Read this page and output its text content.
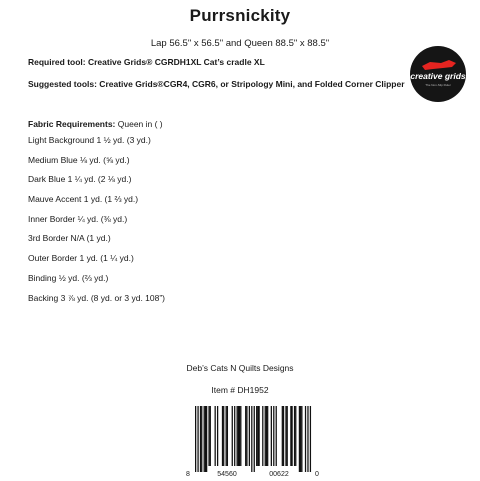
Purrsnickity
Lap 56.5" x 56.5" and Queen 88.5" x 88.5"
Required tool: Creative Grids® CGRDH1XL Cat’s cradle XL
Suggested tools: Creative Grids®CGR4, CGR6, or Stripology Mini, and Folded Corner Clipper
creative grids
The Non-Slip Ruler
Fabric Requirements: Queen in ( )
Light Background 1 ½ yd. (3 yd.)
Medium Blue ⅛ yd. (⅝ yd.)
Dark Blue 1 ¼ yd. (2 ⅛ yd.)
Mauve Accent 1 yd. (1 ⅔ yd.)
Inner Border ¼ yd. (⅜ yd.)
3rd Border N/A (1 yd.)
Outer Border 1 yd. (1 ¼ yd.)
Binding ½ yd. (⅔ yd.)
Backing 3 ⅞ yd. (8 yd. or 3 yd. 108”)
Deb’s Cats N Quilts Designs
Item # DH1952
8	54560	00622	0
